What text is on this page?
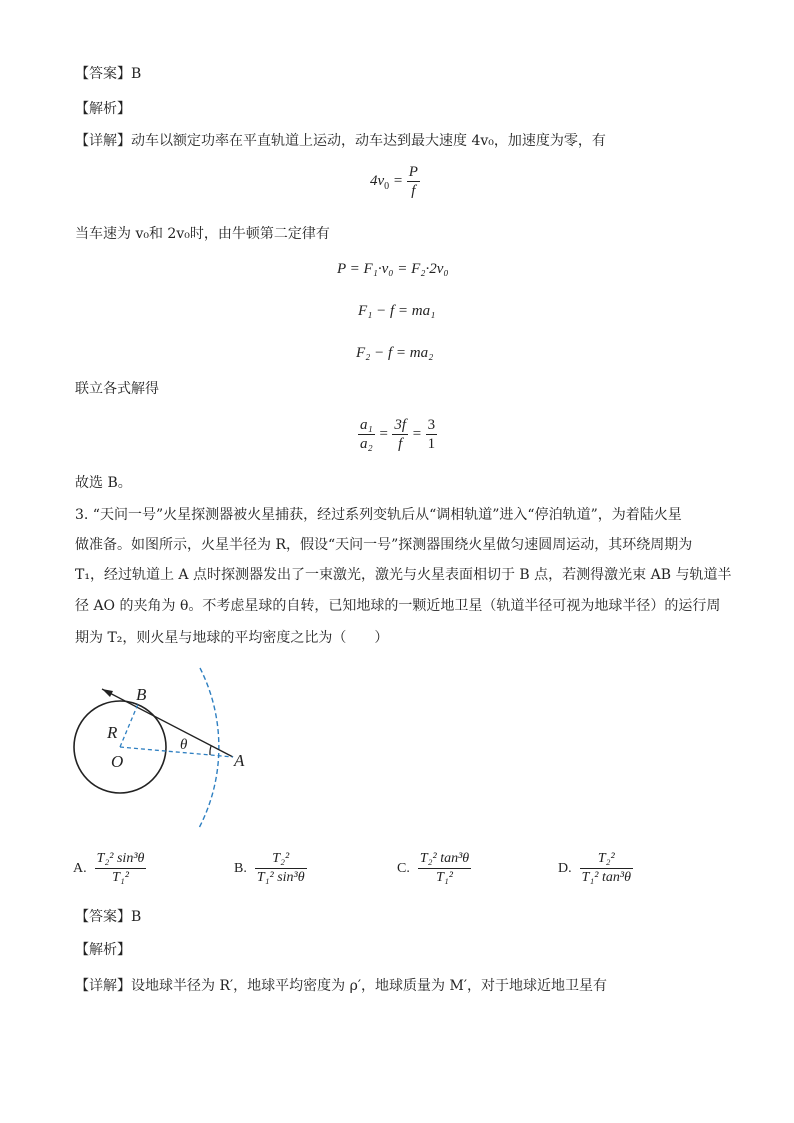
【答案】B
【解析】
【详解】动车以额定功率在平直轨道上运动，动车达到最大速度 4v₀，加速度为零，有
$4v_0 = \frac{P}{f}$
当车速为 v₀和 2v₀时，由牛顿第二定律有
P = F₁·v₀ = F₂·2v₀
F₁ − f = ma₁
F₂ − f = ma₂
联立各式解得
$\frac{\text{a₁}}{\text{a₂}} = \frac{3f}{f} = \frac{3}{1}$
故选 B。
3. “天问一号”火星探测器被火星捕获，经过系列变轨后从“调相轨道”进入“停泊轨道”，为着陆火星
做准备。如图所示，火星半径为 R，假设“天问一号”探测器围绕火星做匀速圆周运动，其环绕周期为
T₁，经过轨道上 A 点时探测器发出了一束激光，激光与火星表面相切于 B 点，若测得激光束 AB 与轨道半
径 AO 的夹角为 θ。不考虑星球的自转，已知地球的一颗近地卫星（轨道半径可视为地球半径）的运行周
期为 T₂，则火星与地球的平均密度之比为（　　）
B
R
O
θ
A
A. $\frac{\text{T₂² sin³θ}}{\text{T₁²}}$	B. $\frac{\text{T₂²}}{\text{T₁² sin³θ}}$	C. $\frac{\text{T₂² tan³θ}}{\text{T₁²}}$	D. $\frac{\text{T₂²}}{\text{T₁² tan³θ}}$
【答案】B
【解析】
【详解】设地球半径为 R′，地球平均密度为 ρ′，地球质量为 M′，对于地球近地卫星有
